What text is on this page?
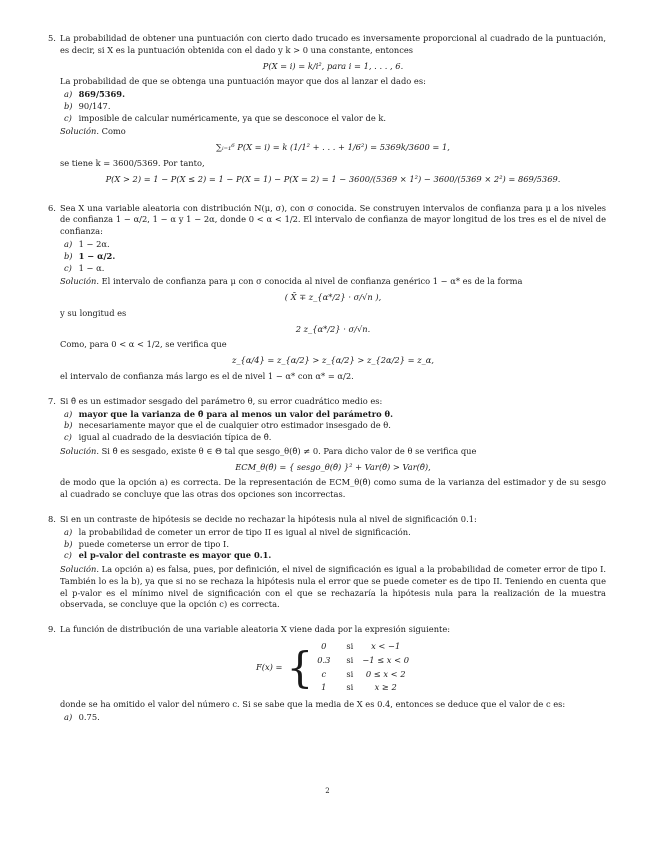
5. La probabilidad de obtener una puntuación con cierto dado trucado es inversamente proporcional al cuadrado de la puntuación, es decir, si X es la puntuación obtenida con el dado y k > 0 una constante, entonces

P(X = i) = k/i², para i = 1, . . . , 6.

La probabilidad de que se obtenga una puntuación mayor que dos al lanzar el dado es:

a) 869/5369.
b) 90/147.
c) imposible de calcular numéricamente, ya que se desconoce el valor de k.

Solución. Como

∑ᵢ₌₁⁶ P(X = i) = k (1/1² + . . . + 1/6²) = 5369k/3600 = 1,

se tiene k = 3600/5369. Por tanto,

P(X > 2) = 1 − P(X ≤ 2) = 1 − P(X = 1) − P(X = 2) = 1 − 3600/(5369 × 1²) − 3600/(5369 × 2²) = 869/5369.
6. Sea X una variable aleatoria con distribución N(μ, σ), con σ conocida. Se construyen intervalos de confianza para μ a los niveles de confianza 1 − α/2, 1 − α y 1 − 2α, donde 0 < α < 1/2. El intervalo de confianza de mayor longitud de los tres es el de nivel de confianza:

a) 1 − 2α.
b) 1 − α/2.
c) 1 − α.

Solución. El intervalo de confianza para μ con σ conocida al nivel de confianza genérico 1 − α* es de la forma

( X̄ ∓ z_{α*/2} · σ/√n ),

y su longitud es

2 z_{α*/2} · σ/√n.

Como, para 0 < α < 1/2, se verifica que

z_{α/4} = z_{α/2} > z_{α/2} > z_{2α/2} = z_α,

el intervalo de confianza más largo es el de nivel 1 − α* con α* = α/2.

7. Si θ̂ es un estimador sesgado del parámetro θ, su error cuadrático medio es:

a) mayor que la varianza de θ̂ para al menos un valor del parámetro θ.
b) necesariamente mayor que el de cualquier otro estimador insesgado de θ.
c) igual al cuadrado de la desviación típica de θ̂.

Solución. Si θ̂ es sesgado, existe θ ∈ Θ tal que sesgo_θ(θ̂) ≠ 0. Para dicho valor de θ se verifica que

ECM_θ(θ̂) = { sesgo_θ(θ̂) }² + Var(θ̂) > Var(θ̂),

de modo que la opción a) es correcta. De la representación de ECM_θ(θ̂) como suma de la varianza del estimador y de su sesgo al cuadrado se concluye que las otras dos opciones son incorrectas.

8. Si en un contraste de hipótesis se decide no rechazar la hipótesis nula al nivel de significación 0.1:

a) la probabilidad de cometer un error de tipo II es igual al nivel de significación.
b) puede cometerse un error de tipo I.
c) el p-valor del contraste es mayor que 0.1.

Solución. La opción a) es falsa, pues, por definición, el nivel de significación es igual a la probabilidad de cometer error de tipo I. También lo es la b), ya que si no se rechaza la hipótesis nula el error que se puede cometer es de tipo II. Teniendo en cuenta que el p-valor es el mínimo nivel de significación con el que se rechazaría la hipótesis nula para la realización de la muestra observada, se concluye que la opción c) es correcta.

9. La función de distribución de una variable aleatoria X viene dada por la expresión siguiente:

F(x) = { 0	si	x < −1
0.3	si	−1 ≤ x < 0
c	si	0 ≤ x < 2
1	si	x ≥ 2

donde se ha omitido el valor del número c. Si se sabe que la media de X es 0.4, entonces se deduce que el valor de c es:

a) 0.75.
2
